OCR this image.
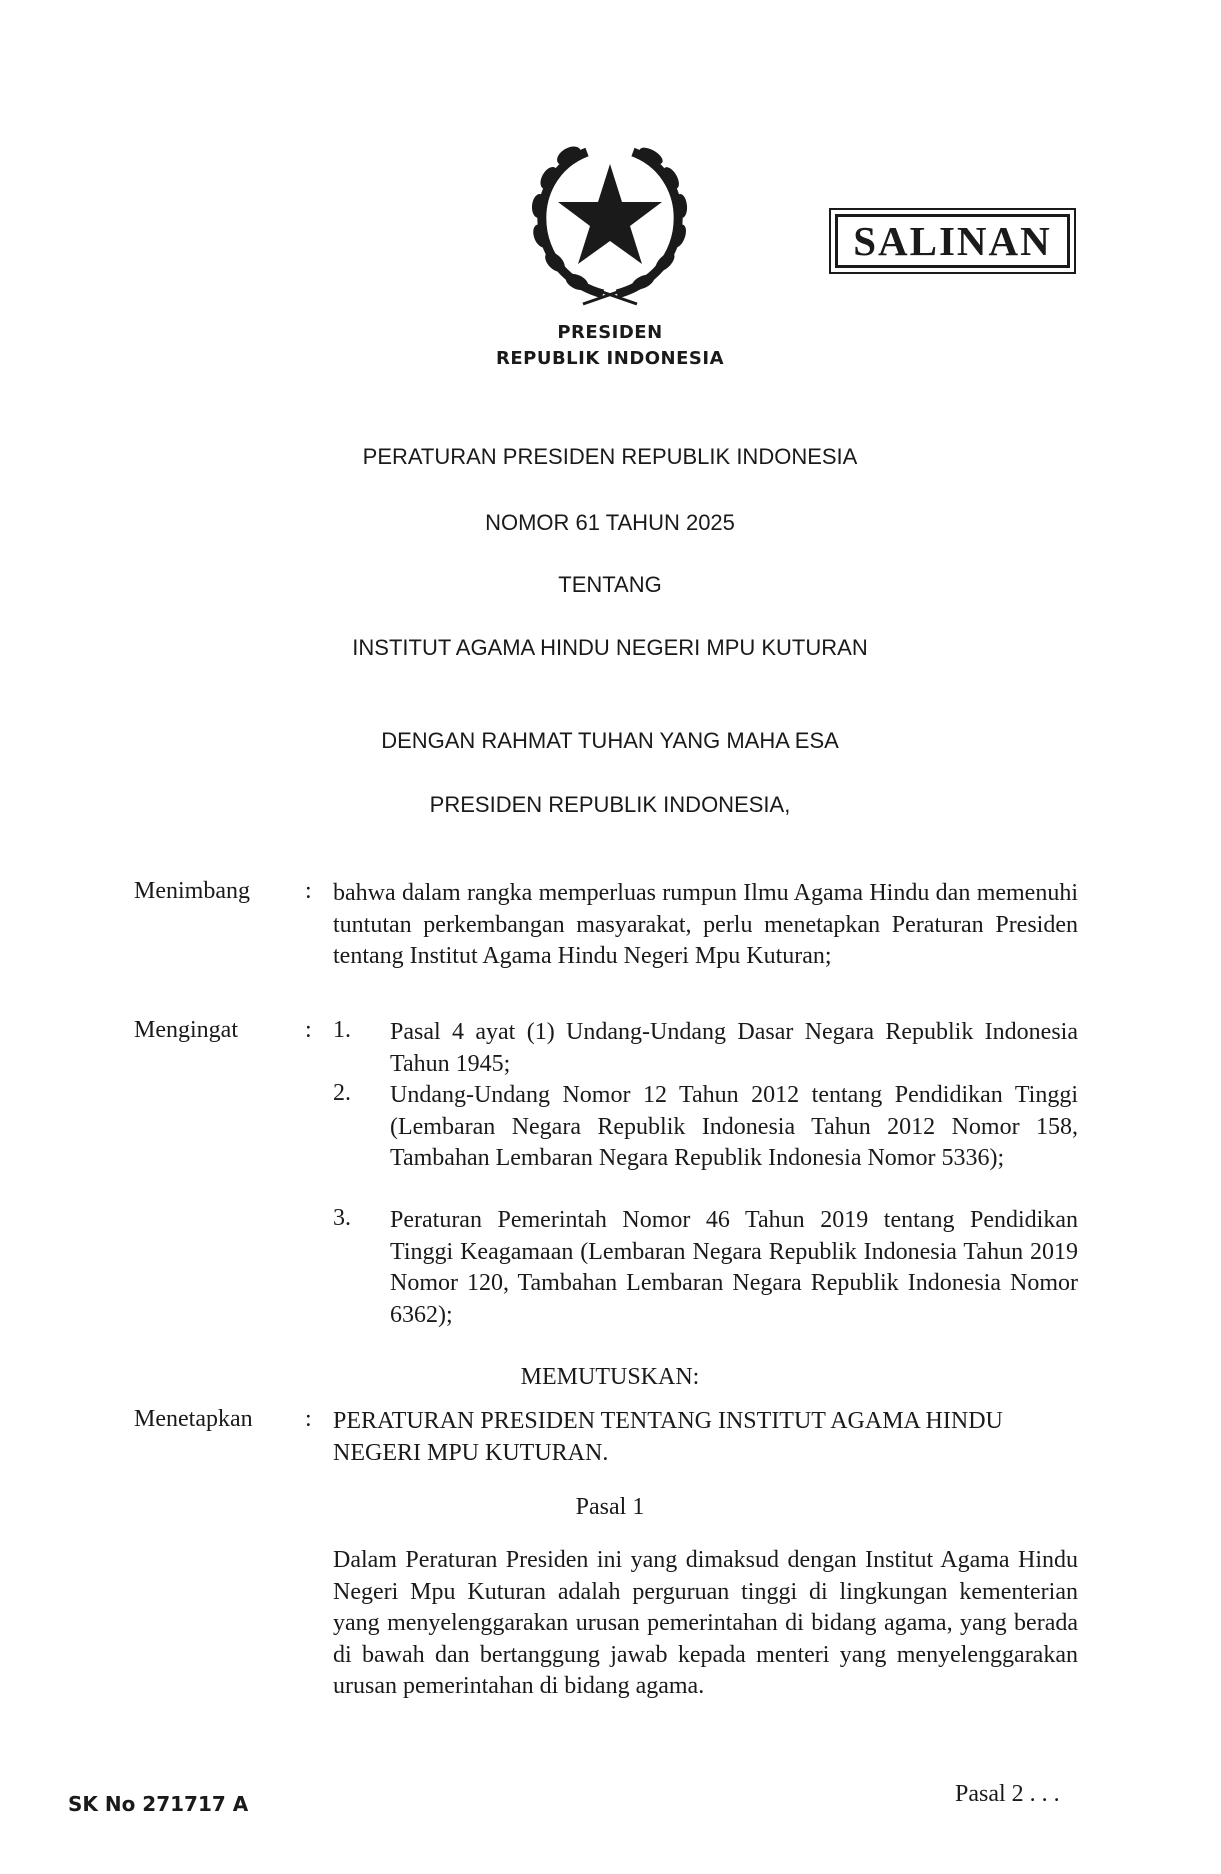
PRESIDEN
REPUBLIK INDONESIA
SALINAN
PERATURAN PRESIDEN REPUBLIK INDONESIA
NOMOR 61 TAHUN 2025
TENTANG
INSTITUT AGAMA HINDU NEGERI MPU KUTURAN
DENGAN RAHMAT TUHAN YANG MAHA ESA
PRESIDEN REPUBLIK INDONESIA,
Menimbang : bahwa dalam rangka memperluas rumpun Ilmu Agama Hindu dan memenuhi tuntutan perkembangan masyarakat, perlu menetapkan Peraturan Presiden tentang Institut Agama Hindu Negeri Mpu Kuturan;
Mengingat	: 1. Pasal 4 ayat (1) Undang-Undang Dasar Negara Republik Indonesia Tahun 1945;
2. Undang-Undang Nomor 12 Tahun 2012 tentang Pendidikan Tinggi (Lembaran Negara Republik Indonesia Tahun 2012 Nomor 158, Tambahan Lembaran Negara Republik Indonesia Nomor 5336);
3. Peraturan Pemerintah Nomor 46 Tahun 2019 tentang Pendidikan Tinggi Keagamaan (Lembaran Negara Republik Indonesia Tahun 2019 Nomor 120, Tambahan Lembaran Negara Republik Indonesia Nomor 6362);
MEMUTUSKAN:
Menetapkan : PERATURAN PRESIDEN TENTANG INSTITUT AGAMA HINDU NEGERI MPU KUTURAN.
Pasal 1
Dalam Peraturan Presiden ini yang dimaksud dengan Institut Agama Hindu Negeri Mpu Kuturan adalah perguruan tinggi di lingkungan kementerian yang menyelenggarakan urusan pemerintahan di bidang agama, yang berada di bawah dan bertanggung jawab kepada menteri yang menyelenggarakan urusan pemerintahan di bidang agama.
SK No 271717 A	Pasal 2 . . .
